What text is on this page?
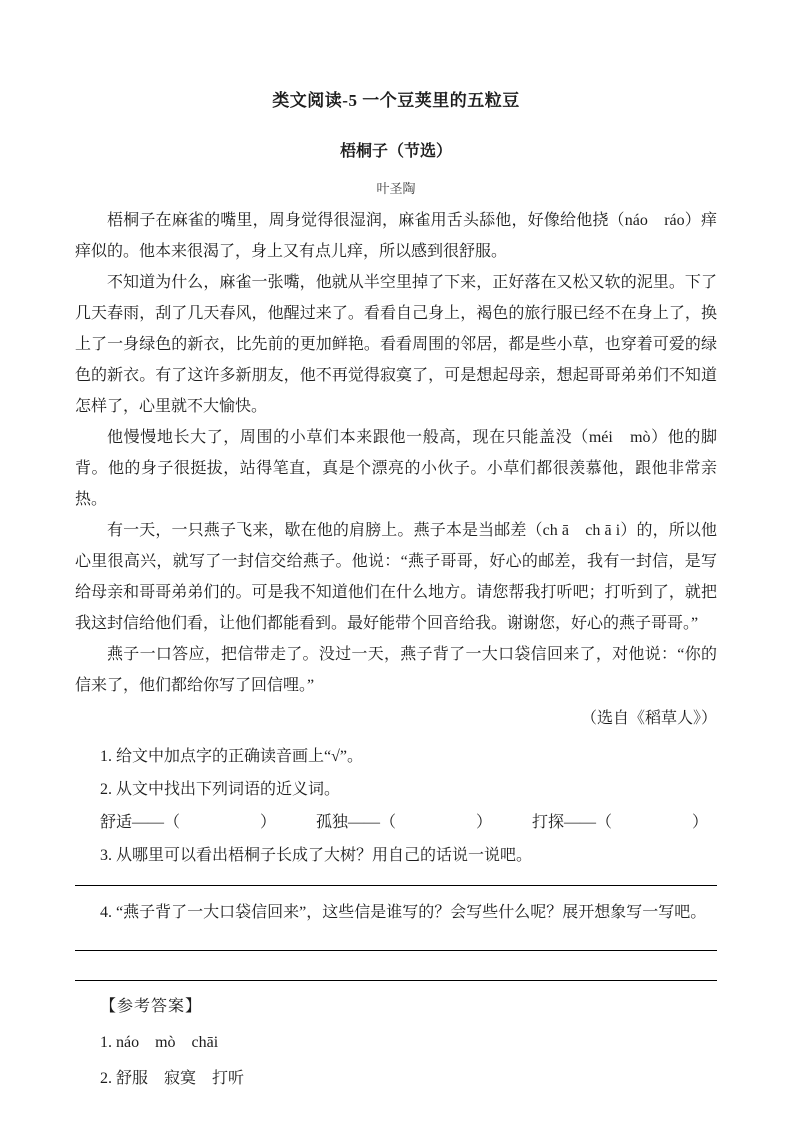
类文阅读-5 一个豆荚里的五粒豆
梧桐子（节选）
叶圣陶

梧桐子在麻雀的嘴里，周身觉得很湿润，麻雀用舌头舔他，好像给他挠（náo　ráo）痒痒似的。他本来很渴了，身上又有点儿痒，所以感到很舒服。

不知道为什么，麻雀一张嘴，他就从半空里掉了下来，正好落在又松又软的泥里。下了几天春雨，刮了几天春风，他醒过来了。看看自己身上，褐色的旅行服已经不在身上了，换上了一身绿色的新衣，比先前的更加鲜艳。看看周围的邻居，都是些小草，也穿着可爱的绿色的新衣。有了这许多新朋友，他不再觉得寂寞了，可是想起母亲，想起哥哥弟弟们不知道怎样了，心里就不大愉快。

他慢慢地长大了，周围的小草们本来跟他一般高，现在只能盖没（méi　mò）他的脚背。他的身子很挺拔，站得笔直，真是个漂亮的小伙子。小草们都很羡慕他，跟他非常亲热。

有一天，一只燕子飞来，歇在他的肩膀上。燕子本是当邮差（ch ā　ch ā i）的，所以他心里很高兴，就写了一封信交给燕子。他说：“燕子哥哥，好心的邮差，我有一封信，是写给母亲和哥哥弟弟们的。可是我不知道他们在什么地方。请您帮我打听吧；打听到了，就把我这封信给他们看，让他们都能看到。最好能带个回音给我。谢谢您，好心的燕子哥哥。”

燕子一口答应，把信带走了。没过一天，燕子背了一大口袋信回来了，对他说：“你的信来了，他们都给你写了回信哩。”

（选自《稻草人》）

1. 给文中加点字的正确读音画上“√”。

2. 从文中找出下列词语的近义词。

舒适——（　　　　　）　　　孤独——（　　　　　）　　　打探——（　　　　　）

3. 从哪里可以看出梧桐子长成了大树？用自己的话说一说吧。

4. “燕子背了一大口袋信回来”，这些信是谁写的？会写些什么呢？展开想象写一写吧。

【参考答案】

1. náo　mò　chāi

2. 舒服　寂寞　打听
